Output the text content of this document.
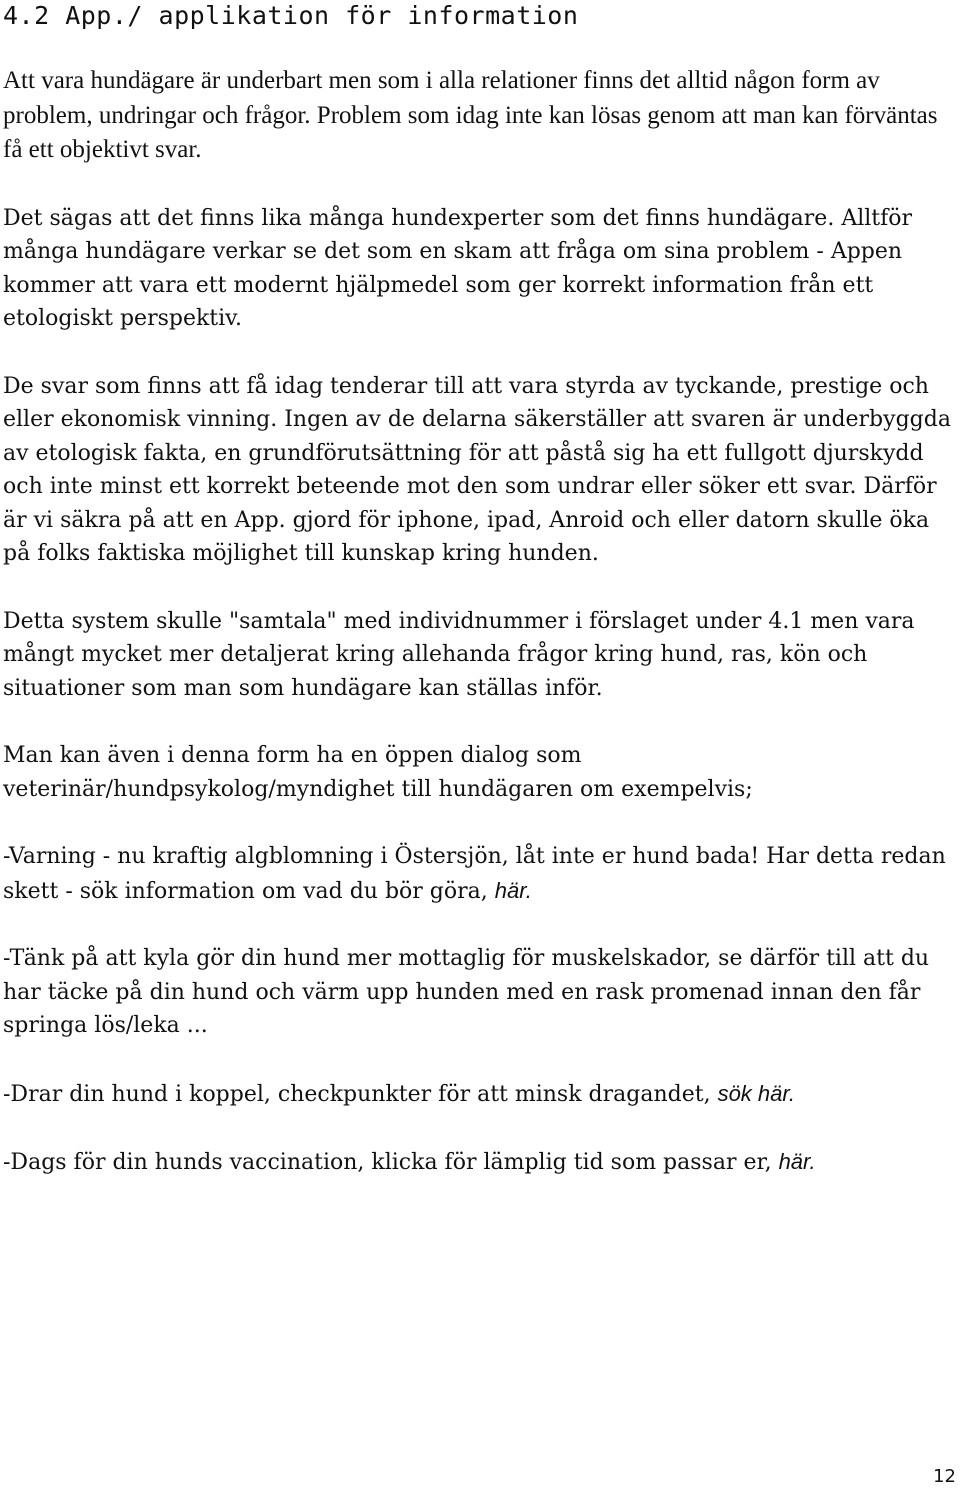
4.2 App./ applikation för information

Att vara hundägare är underbart men som i alla relationer finns det alltid någon form av problem, undringar och frågor. Problem som idag inte kan lösas genom att man kan förväntas få ett objektivt svar.

Det sägas att det finns lika många hundexperter som det finns hundägare. Alltför många hundägare verkar se det som en skam att fråga om sina problem - Appen kommer att vara ett modernt hjälpmedel som ger korrekt information från ett etologiskt perspektiv.

De svar som finns att få idag tenderar till att vara styrda av tyckande, prestige och eller ekonomisk vinning. Ingen av de delarna säkerställer att svaren är underbyggda av etologisk fakta, en grundförutsättning för att påstå sig ha ett fullgott djurskydd och inte minst ett korrekt beteende mot den som undrar eller söker ett svar. Därför är vi säkra på att en App. gjord för iphone, ipad, Anroid och eller datorn skulle öka på folks faktiska möjlighet till kunskap kring hunden.

Detta system skulle "samtala" med individnummer i förslaget under 4.1 men vara mångt mycket mer detaljerat kring allehanda frågor kring hund, ras, kön och situationer som man som hundägare kan ställas inför.

Man kan även i denna form ha en öppen dialog som veterinär/hundpsykolog/myndighet till hundägaren om exempelvis;

-Varning - nu kraftig algblomning i Östersjön, låt inte er hund bada! Har detta redan skett - sök information om vad du bör göra, här.

-Tänk på att kyla gör din hund mer mottaglig för muskelskador, se därför till att du har täcke på din hund och värm upp hunden med en rask promenad innan den får springa lös/leka ...

-Drar din hund i koppel, checkpunkter för att minsk dragandet, sök här.

-Dags för din hunds vaccination, klicka för lämplig tid som passar er, här.

12
